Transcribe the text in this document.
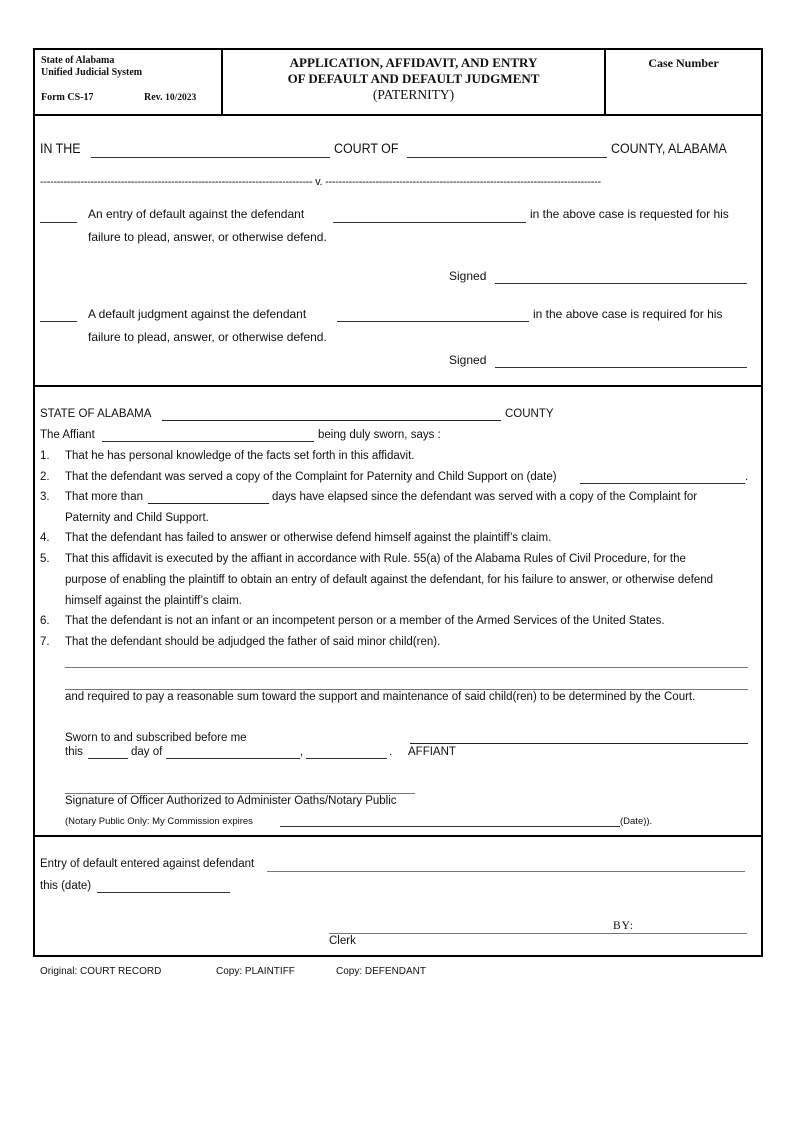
State of Alabama
Unified Judicial System
Form CS-17	Rev. 10/2023
APPLICATION, AFFIDAVIT, AND ENTRY
OF DEFAULT AND DEFAULT JUDGMENT
(PATERNITY)
Case Number
IN THE	COURT OF	COUNTY, ALABAMA
--------------------------------------------------------------------------------- v. ----------------------------------------------------------------------------------
An entry of default against the defendant	in the above case is requested for his
failure to plead, answer, or otherwise defend.
Signed
A default judgment against the defendant	in the above case is required for his
failure to plead, answer, or otherwise defend.
Signed
STATE OF ALABAMA	COUNTY
The Affiant	being duly sworn, says :
1. That he has personal knowledge of the facts set forth in this affidavit.
2. That the defendant was served a copy of the Complaint for Paternity and Child Support on (date)	.
3. That more than	days have elapsed since the defendant was served with a copy of the Complaint for
Paternity and Child Support.
4. That the defendant has failed to answer or otherwise defend himself against the plaintiff’s claim.
5. That this affidavit is executed by the affiant in accordance with Rule. 55(a) of the Alabama Rules of Civil Procedure, for the
purpose of enabling the plaintiff to obtain an entry of default against the defendant, for his failure to answer, or otherwise defend
himself against the plaintiff’s claim.
6. That the defendant is not an infant or an incompetent person or a member of the Armed Services of the United States.
7. That the defendant should be adjudged the father of said minor child(ren).
and required to pay a reasonable sum toward the support and maintenance of said child(ren) to be determined by the Court.
Sworn to and subscribed before me
this	day of	,	. AFFIANT
Signature of Officer Authorized to Administer Oaths/Notary Public
(Notary Public Only: My Commission expires	(Date)).
Entry of default entered against defendant
this (date)
BY:
Clerk
Original: COURT RECORD	Copy: PLAINTIFF	Copy: DEFENDANT
